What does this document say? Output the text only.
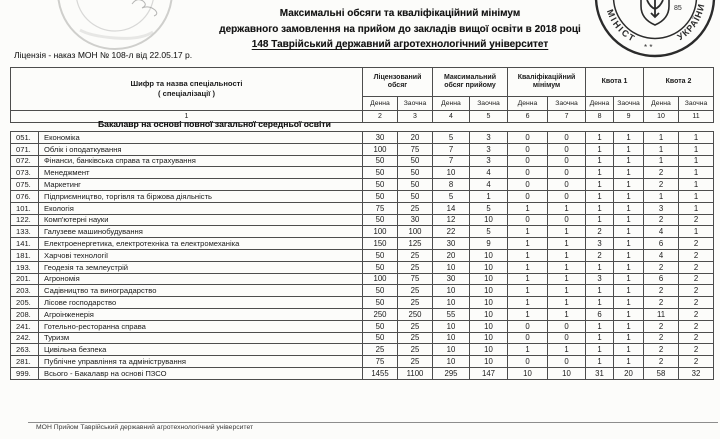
МІНІСТ	УКРАЇНИ
* *
85
Максимальні обсяги та кваліфікаційний мінімум
державного замовлення на прийом до закладів вищої освіти в 2018 році
148 Таврійський державний агротехнологічний університет
Ліцензія - наказ МОН № 108-л від 22.05.17 р.
Шифр та назва спеціальності
( спеціалізації )	Ліцензований обсяг		Максимальний обсяг прийому		Кваліфікаційний мінімум		Квота 1		Квота 2	
	Денна	Заочна	Денна	Заочна	Денна	Заочна	Денна	Заочна	Денна	Заочна
1	2	3	4	5	6	7	8	9	10	11
Бакалавр на основі повної загальної середньої освіти
051.	Економіка	30	20	5	3	0	0	1	1	1	1
071.	Облік і оподаткування	100	75	7	3	0	0	1	1	1	1
072.	Фінанси, банківська справа та страхування	50	50	7	3	0	0	1	1	1	1
073.	Менеджмент	50	50	10	4	0	0	1	1	2	1
075.	Маркетинг	50	50	8	4	0	0	1	1	2	1
076.	Підприємництво, торгівля та біржова діяльність	50	50	5	1	0	0	1	1	1	1
101.	Екологія	75	25	14	5	1	1	1	1	3	1
122.	Комп'ютерні науки	50	30	12	10	0	0	1	1	2	2
133.	Галузеве машинобудування	100	100	22	5	1	1	2	1	4	1
141.	Електроенергетика, електротехніка та електромеханіка	150	125	30	9	1	1	3	1	6	2
181.	Харчові технології	50	25	20	10	1	1	2	1	4	2
193.	Геодезія та землеустрій	50	25	10	10	1	1	1	1	2	2
201.	Агрономія	100	75	30	10	1	1	3	1	6	2
203.	Садівництво та виноградарство	50	25	10	10	1	1	1	1	2	2
205.	Лісове господарство	50	25	10	10	1	1	1	1	2	2
208.	Агроінженерія	250	250	55	10	1	1	6	1	11	2
241.	Готельно-ресторанна справа	50	25	10	10	0	0	1	1	2	2
242.	Туризм	50	25	10	10	0	0	1	1	2	2
263.	Цивільна безпека	25	25	10	10	1	1	1	1	2	2
281.	Публічне управління та адміністрування	75	25	10	10	0	0	1	1	2	2
999.	Всього - Бакалавр на основі ПЗСО	1455	1100	295	147	10	10	31	20	58	32
МОН Прийом Таврійський державний агротехнологічний університет
